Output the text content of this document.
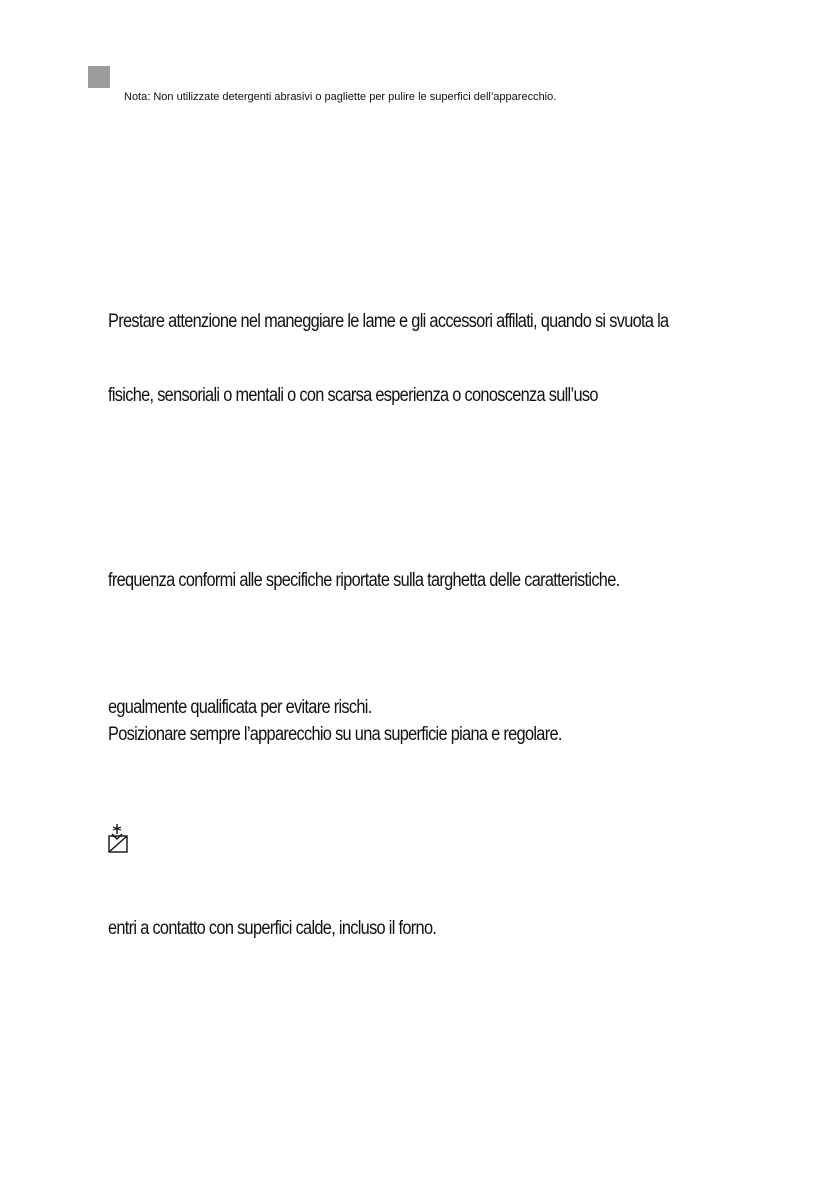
Nota: Non utilizzate detergenti abrasivi o pagliette per pulire le superfici dell’apparecchio.
Prestare attenzione nel maneggiare le lame e gli accessori affilati, quando si svuota la
fisiche, sensoriali o mentali o con scarsa esperienza o conoscenza sull’uso
frequenza conformi alle specifiche riportate sulla targhetta delle caratteristiche.
egualmente qualificata per evitare rischi.
Posizionare sempre l’apparecchio su una superficie piana e regolare.
entri a contatto con superfici calde, incluso il forno.
